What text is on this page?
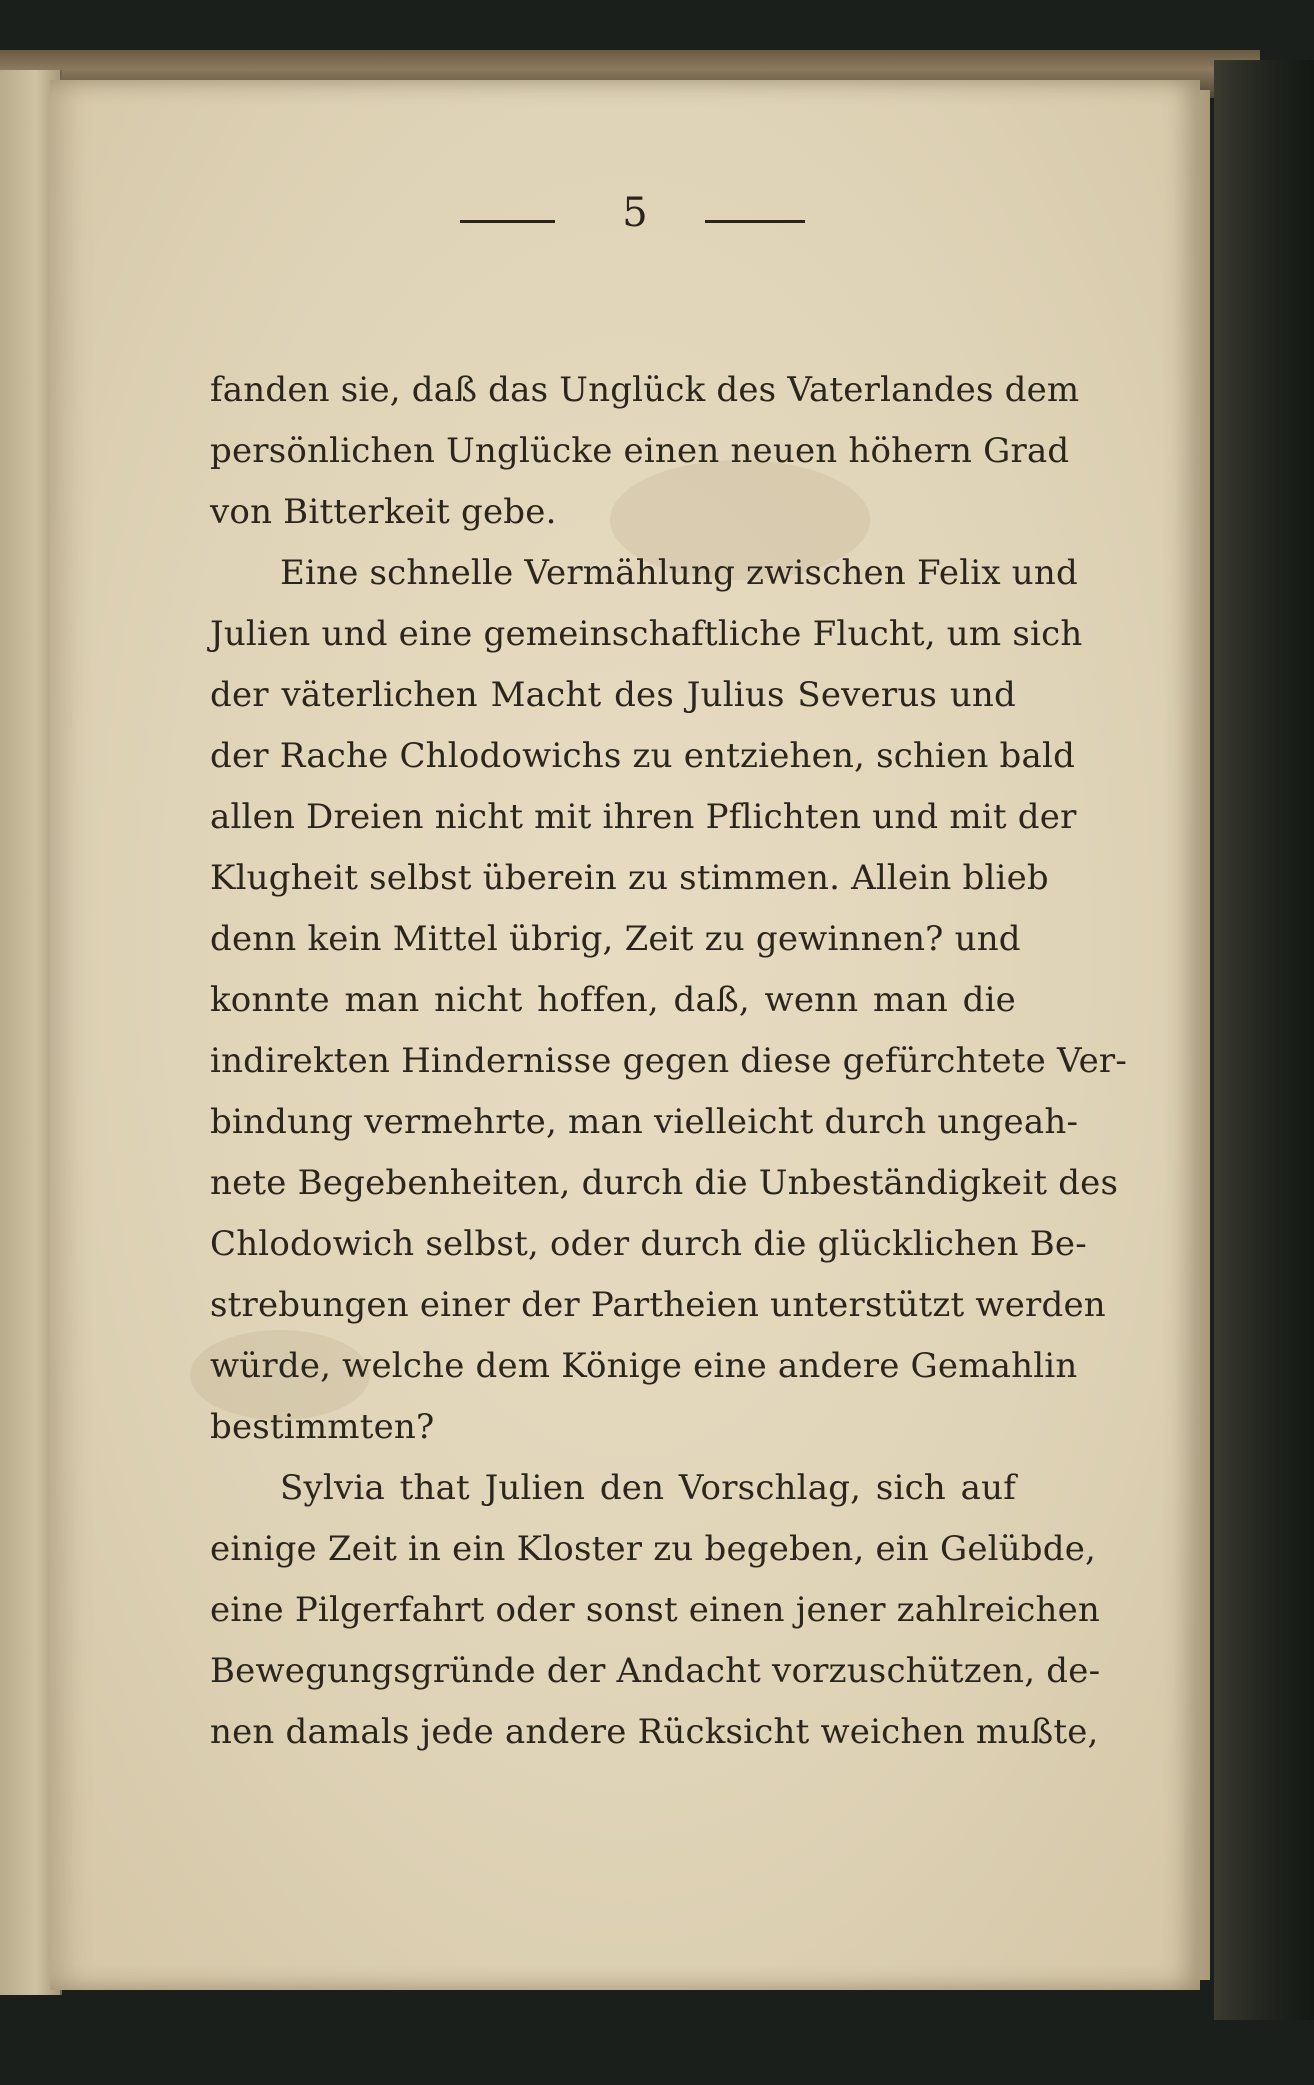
5
fanden sie, daß das Unglück des Vaterlandes dem
persönlichen Unglücke einen neuen höhern Grad
von Bitterkeit gebe.
Eine schnelle Vermählung zwischen Felix und
Julien und eine gemeinschaftliche Flucht, um sich
der väterlichen Macht des Julius Severus und
der Rache Chlodowichs zu entziehen, schien bald
allen Dreien nicht mit ihren Pflichten und mit der
Klugheit selbst überein zu stimmen. Allein blieb
denn kein Mittel übrig, Zeit zu gewinnen? und
konnte man nicht hoffen, daß, wenn man die
indirekten Hindernisse gegen diese gefürchtete Ver-
bindung vermehrte, man vielleicht durch ungeah-
nete Begebenheiten, durch die Unbeständigkeit des
Chlodowich selbst, oder durch die glücklichen Be-
strebungen einer der Partheien unterstützt werden
würde, welche dem Könige eine andere Gemahlin
bestimmten?
Sylvia that Julien den Vorschlag, sich auf
einige Zeit in ein Kloster zu begeben, ein Gelübde,
eine Pilgerfahrt oder sonst einen jener zahlreichen
Bewegungsgründe der Andacht vorzuschützen, de-
nen damals jede andere Rücksicht weichen mußte,
